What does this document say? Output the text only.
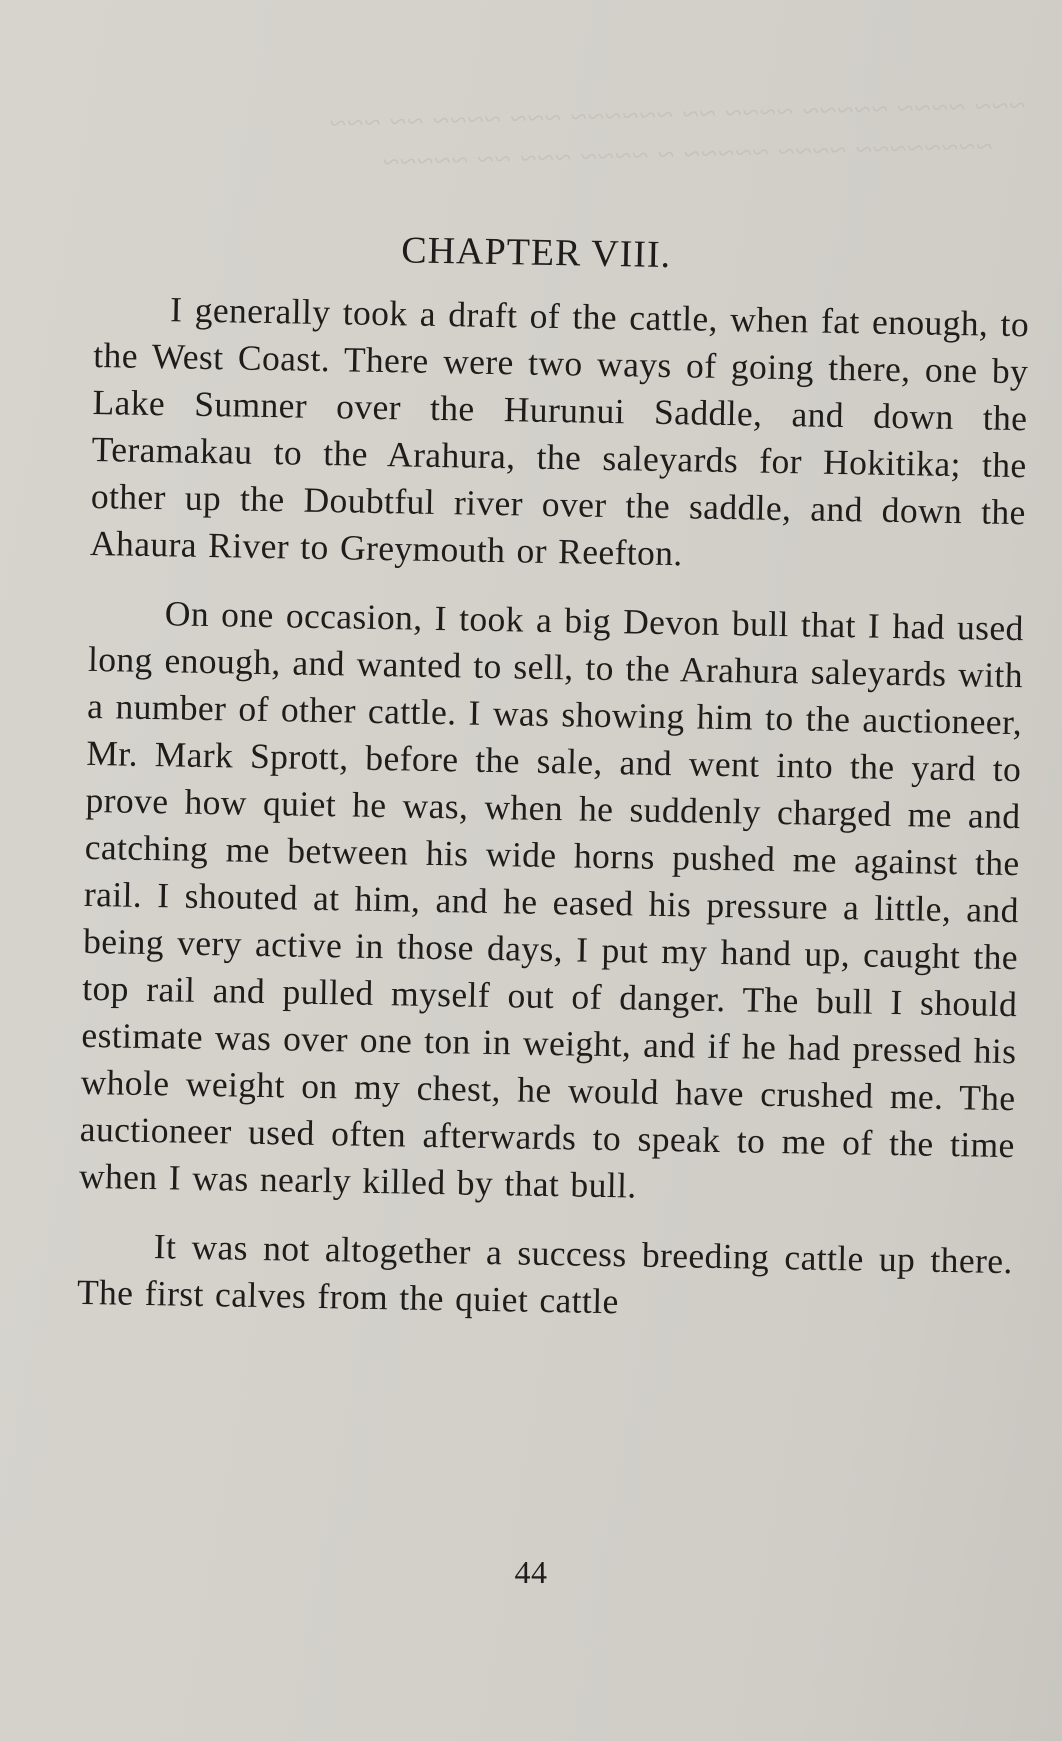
~~~ ~~~~ ~~~~~ ~~~~ ~~ ~~~~~~ ~~~ ~~~~ ~~ ~~~
~~~~~~~~ ~~~~ ~~~~~ ~ ~~~~ ~~~ ~~ ~~~~~
CHAPTER VIII.

I generally took a draft of the cattle, when fat enough, to the West Coast. There were two ways of going there, one by Lake Sumner over the Hurunui Saddle, and down the Teramakau to the Arahura, the saleyards for Hokitika; the other up the Doubtful river over the saddle, and down the Ahaura River to Greymouth or Reefton.

On one occasion, I took a big Devon bull that I had used long enough, and wanted to sell, to the Arahura saleyards with a number of other cattle. I was showing him to the auctioneer, Mr. Mark Sprott, before the sale, and went into the yard to prove how quiet he was, when he suddenly charged me and catching me between his wide horns pushed me against the rail. I shouted at him, and he eased his pressure a little, and being very active in those days, I put my hand up, caught the top rail and pulled myself out of danger. The bull I should estimate was over one ton in weight, and if he had pressed his whole weight on my chest, he would have crushed me. The auctioneer used often afterwards to speak to me of the time when I was nearly killed by that bull.

It was not altogether a success breeding cattle up there. The first calves from the quiet cattle

44
